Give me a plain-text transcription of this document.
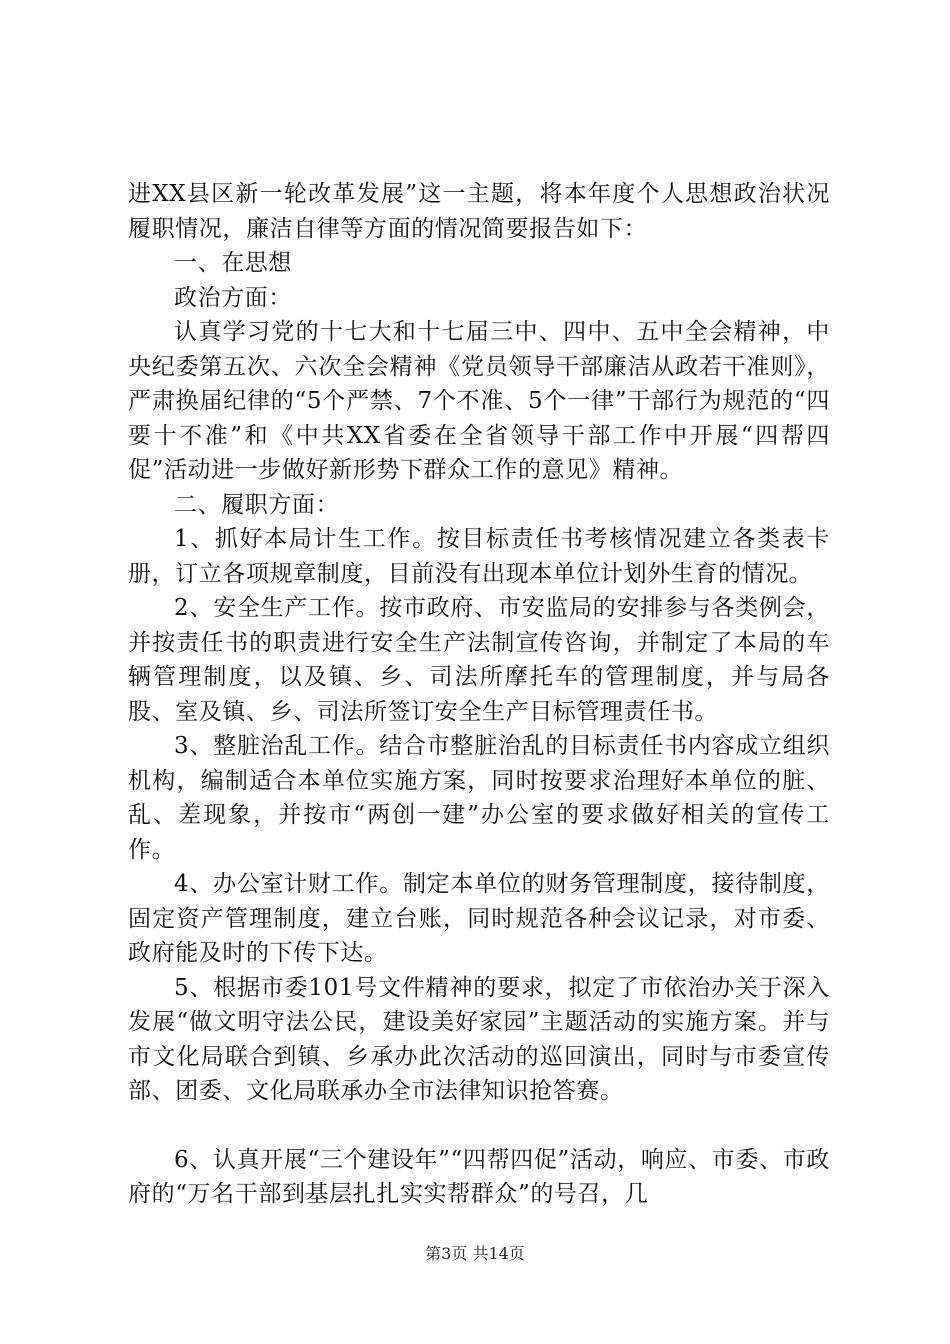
进XX县区新一轮改革发展”这一主题，将本年度个人思想政治状况履职情况，廉洁自律等方面的情况简要报告如下：

一、在思想

政治方面：

认真学习党的十七大和十七届三中、四中、五中全会精神，中央纪委第五次、六次全会精神《党员领导干部廉洁从政若干准则》，严肃换届纪律的“5个严禁、7个不准、5个一律”干部行为规范的“四要十不准”和《中共XX省委在全省领导干部工作中开展“四帮四促”活动进一步做好新形势下群众工作的意见》精神。

二、履职方面：

1、抓好本局计生工作。按目标责任书考核情况建立各类表卡册，订立各项规章制度，目前没有出现本单位计划外生育的情况。

2、安全生产工作。按市政府、市安监局的安排参与各类例会，并按责任书的职责进行安全生产法制宣传咨询，并制定了本局的车辆管理制度，以及镇、乡、司法所摩托车的管理制度，并与局各股、室及镇、乡、司法所签订安全生产目标管理责任书。

3、整脏治乱工作。结合市整脏治乱的目标责任书内容成立组织机构，编制适合本单位实施方案，同时按要求治理好本单位的脏、乱、差现象，并按市“两创一建”办公室的要求做好相关的宣传工作。

4、办公室计财工作。制定本单位的财务管理制度，接待制度，固定资产管理制度，建立台账，同时规范各种会议记录，对市委、政府能及时的下传下达。

5、根据市委101号文件精神的要求，拟定了市依治办关于深入发展“做文明守法公民，建设美好家园”主题活动的实施方案。并与市文化局联合到镇、乡承办此次活动的巡回演出，同时与市委宣传部、团委、文化局联承办全市法律知识抢答赛。

6、认真开展“三个建设年”“四帮四促”活动，响应、市委、市政府的“万名干部到基层扎扎实实帮群众”的号召，几

第3页 共14页
